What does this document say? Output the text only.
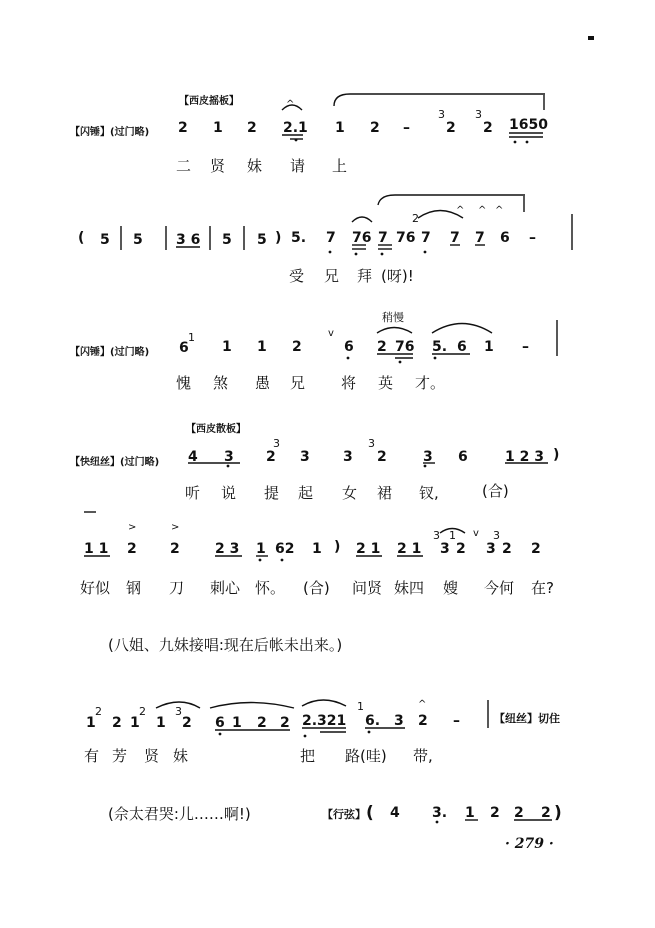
【西皮摇板】
【闪锤】(过门略) 2 1 2 2.1 1 2 –
3
2
3
2 1650
二 贤 妹 请 上
( 5 5 3 6 5 5 ) 5. 7 76 7
2
76 7 7 7 6 –
受 兄 拜 (呀)!
稍慢
【闪锤】(过门略) 6
1
1 1 2	6 2 76 5. 6 1 –
愧 煞 愚 兄 将 英 才。
【西皮散板】
【快纽丝】(过门略) 4 3
3
2 3 3
3
2	3 6	1 2 3 )
听 说 提 起 女 裙 钗,	(合)
1 1 2 2	2 3 1 62 1 ) 2 1 2 1
3
3
1
2
3
3 2 2
好似 钢 刀 刺心 怀。 (合) 问贤 妹四 嫂 今何 在?
(八姐、九妹接唱:现在后帐未出来。)
1
2
2 1
2
1
3
2 6 1 2 2 2.321
1
6. 3 2 –	【纽丝】切住
有 芳 贤 妹	把 路(哇) 带,
(佘太君哭:儿……啊!)	【行弦】 ( 4 3. 1 2 2 2 )
· 279 ·
^
^
^
^
v
v
>	>
^
